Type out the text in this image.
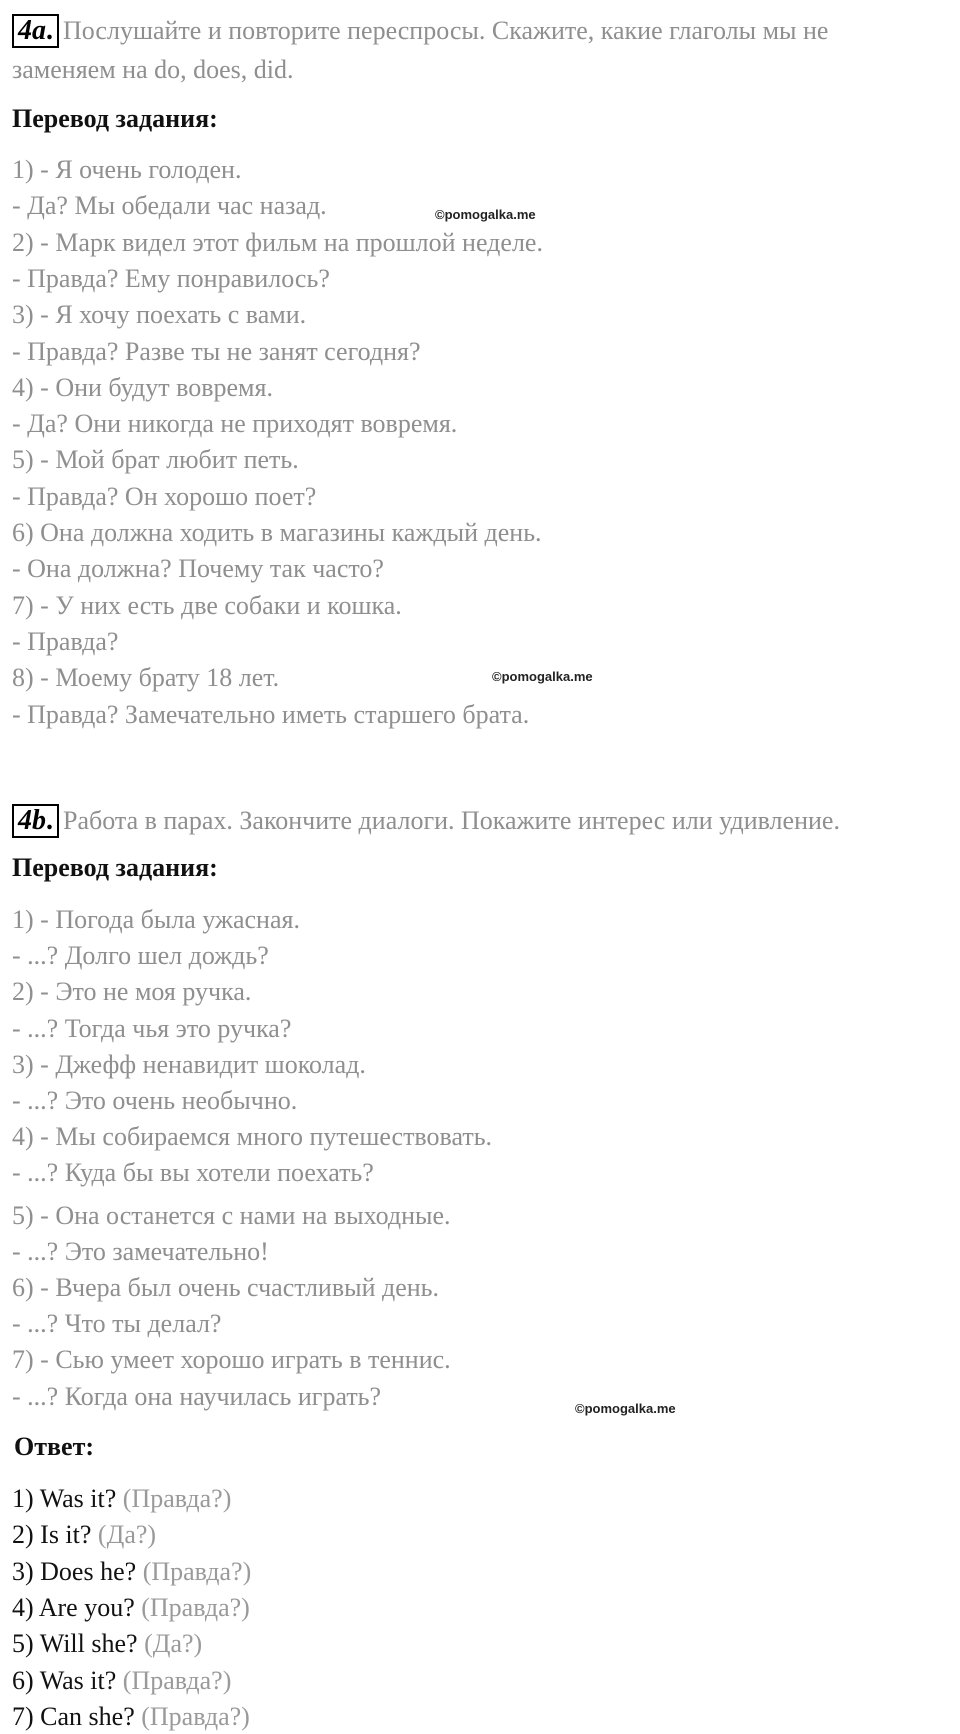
4a. Послушайте и повторите переспросы. Скажите, какие глаголы мы не
заменяем на do, does, did.
Перевод задания:
1) - Я очень голоден.
- Да? Мы обедали час назад.
2) - Марк видел этот фильм на прошлой неделе.
- Правда? Ему понравилось?
3) - Я хочу поехать с вами.
- Правда? Разве ты не занят сегодня?
4) - Они будут вовремя.
- Да? Они никогда не приходят вовремя.
5) - Мой брат любит петь.
- Правда? Он хорошо поет?
6) Она должна ходить в магазины каждый день.
- Она должна? Почему так часто?
7) - У них есть две собаки и кошка.
- Правда?
8) - Моему брату 18 лет.
- Правда? Замечательно иметь старшего брата.
©pomogalka.me
©pomogalka.me
4b. Работа в парах. Закончите диалоги. Покажите интерес или удивление.
Перевод задания:
1) - Погода была ужасная.
- ...? Долго шел дождь?
2) - Это не моя ручка.
- ...? Тогда чья это ручка?
3) - Джефф ненавидит шоколад.
- ...? Это очень необычно.
4) - Мы собираемся много путешествовать.
- ...? Куда бы вы хотели поехать?
5) - Она останется с нами на выходные.
- ...? Это замечательно!
6) - Вчера был очень счастливый день.
- ...? Что ты делал?
7) - Сью умеет хорошо играть в теннис.
- ...? Когда она научилась играть?	©pomogalka.me
Ответ:
1) Was it? (Правда?)
2) Is it? (Да?)
3) Does he? (Правда?)
4) Are you? (Правда?)
5) Will she? (Да?)
6) Was it? (Правда?)
7) Can she? (Правда?)
